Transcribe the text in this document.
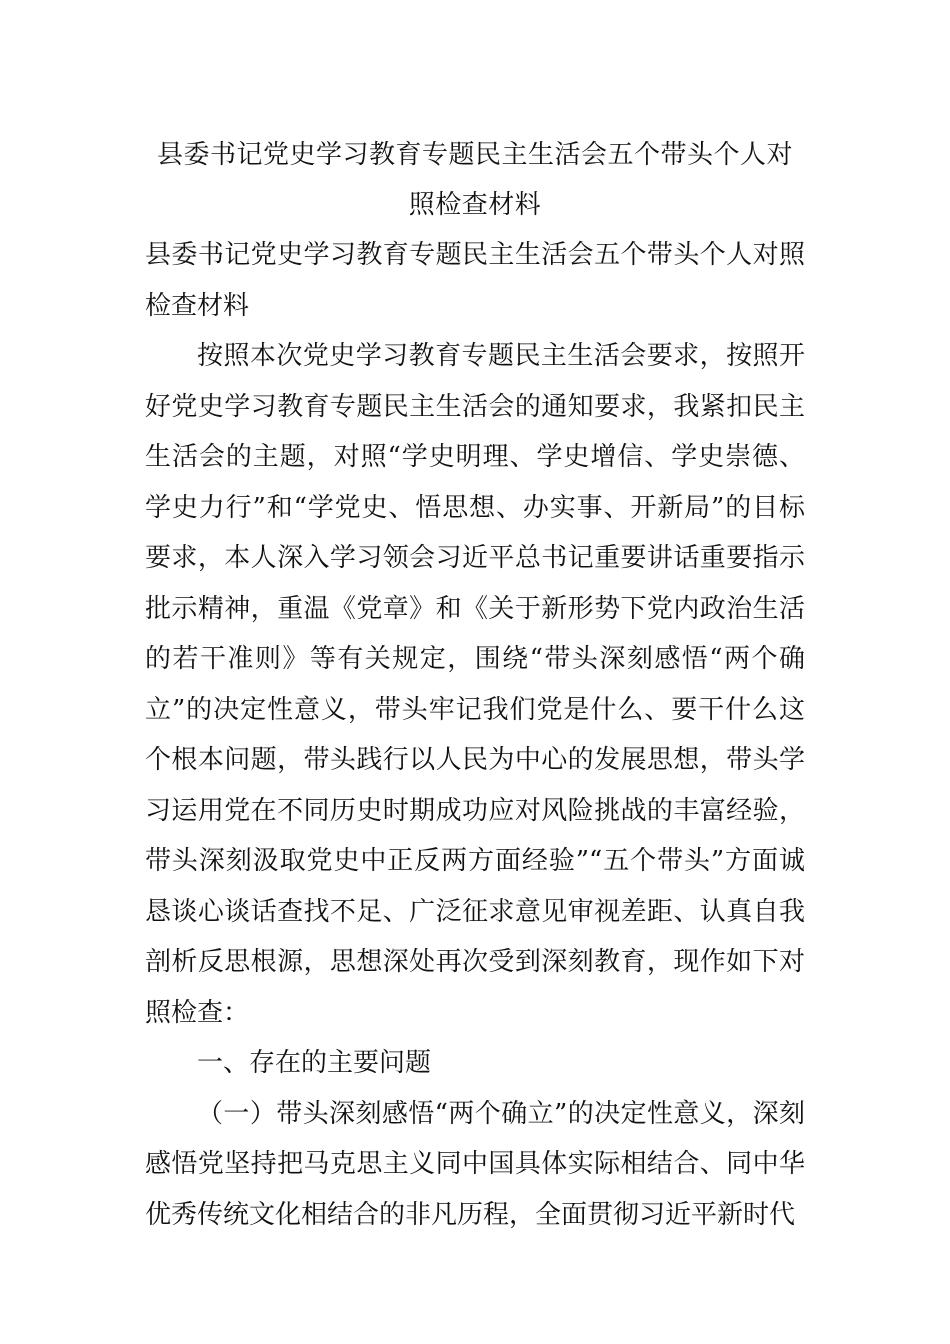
县委书记党史学习教育专题民主生活会五个带头个人对照检查材料

县委书记党史学习教育专题民主生活会五个带头个人对照检查材料

按照本次党史学习教育专题民主生活会要求，按照开好党史学习教育专题民主生活会的通知要求，我紧扣民主生活会的主题，对照“学史明理、学史增信、学史崇德、学史力行”和“学党史、悟思想、办实事、开新局”的目标要求，本人深入学习领会习近平总书记重要讲话重要指示批示精神，重温《党章》和《关于新形势下党内政治生活的若干准则》等有关规定，围绕“带头深刻感悟“两个确立”的决定性意义，带头牢记我们党是什么、要干什么这个根本问题，带头践行以人民为中心的发展思想，带头学习运用党在不同历史时期成功应对风险挑战的丰富经验，带头深刻汲取党史中正反两方面经验”“五个带头”方面诚恳谈心谈话查找不足、广泛征求意见审视差距、认真自我剖析反思根源，思想深处再次受到深刻教育，现作如下对照检查：

一、存在的主要问题

（一）带头深刻感悟“两个确立”的决定性意义，深刻感悟党坚持把马克思主义同中国具体实际相结合、同中华优秀传统文化相结合的非凡历程，全面贯彻习近平新时代
